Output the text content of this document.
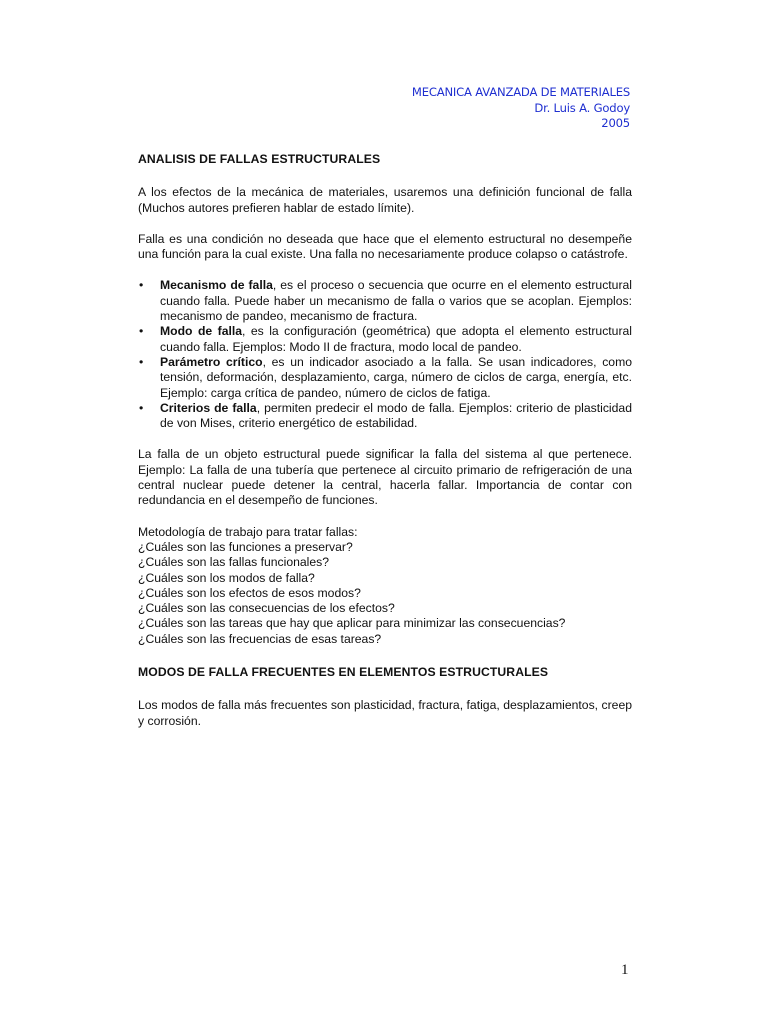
MECANICA AVANZADA DE MATERIALES
Dr. Luis A. Godoy
2005
ANALISIS DE FALLAS ESTRUCTURALES

A los efectos de la mecánica de materiales, usaremos una definición funcional de falla (Muchos autores prefieren hablar de estado límite).

Falla es una condición no deseada que hace que el elemento estructural no desempeñe una función para la cual existe. Una falla no necesariamente produce colapso o catástrofe.

• Mecanismo de falla, es el proceso o secuencia que ocurre en el elemento estructural cuando falla. Puede haber un mecanismo de falla o varios que se acoplan. Ejemplos: mecanismo de pandeo, mecanismo de fractura.
• Modo de falla, es la configuración (geométrica) que adopta el elemento estructural cuando falla. Ejemplos: Modo II de fractura, modo local de pandeo.
• Parámetro crítico, es un indicador asociado a la falla. Se usan indicadores, como tensión, deformación, desplazamiento, carga, número de ciclos de carga, energía, etc. Ejemplo: carga crítica de pandeo, número de ciclos de fatiga.
• Criterios de falla, permiten predecir el modo de falla. Ejemplos: criterio de plasticidad de von Mises, criterio energético de estabilidad.

La falla de un objeto estructural puede significar la falla del sistema al que pertenece. Ejemplo: La falla de una tubería que pertenece al circuito primario de refrigeración de una central nuclear puede detener la central, hacerla fallar. Importancia de contar con redundancia en el desempeño de funciones.

Metodología de trabajo para tratar fallas:
¿Cuáles son las funciones a preservar?
¿Cuáles son las fallas funcionales?
¿Cuáles son los modos de falla?
¿Cuáles son los efectos de esos modos?
¿Cuáles son las consecuencias de los efectos?
¿Cuáles son las tareas que hay que aplicar para minimizar las consecuencias?
¿Cuáles son las frecuencias de esas tareas?
MODOS DE FALLA FRECUENTES EN ELEMENTOS ESTRUCTURALES

Los modos de falla más frecuentes son plasticidad, fractura, fatiga, desplazamientos, creep y corrosión.

1
